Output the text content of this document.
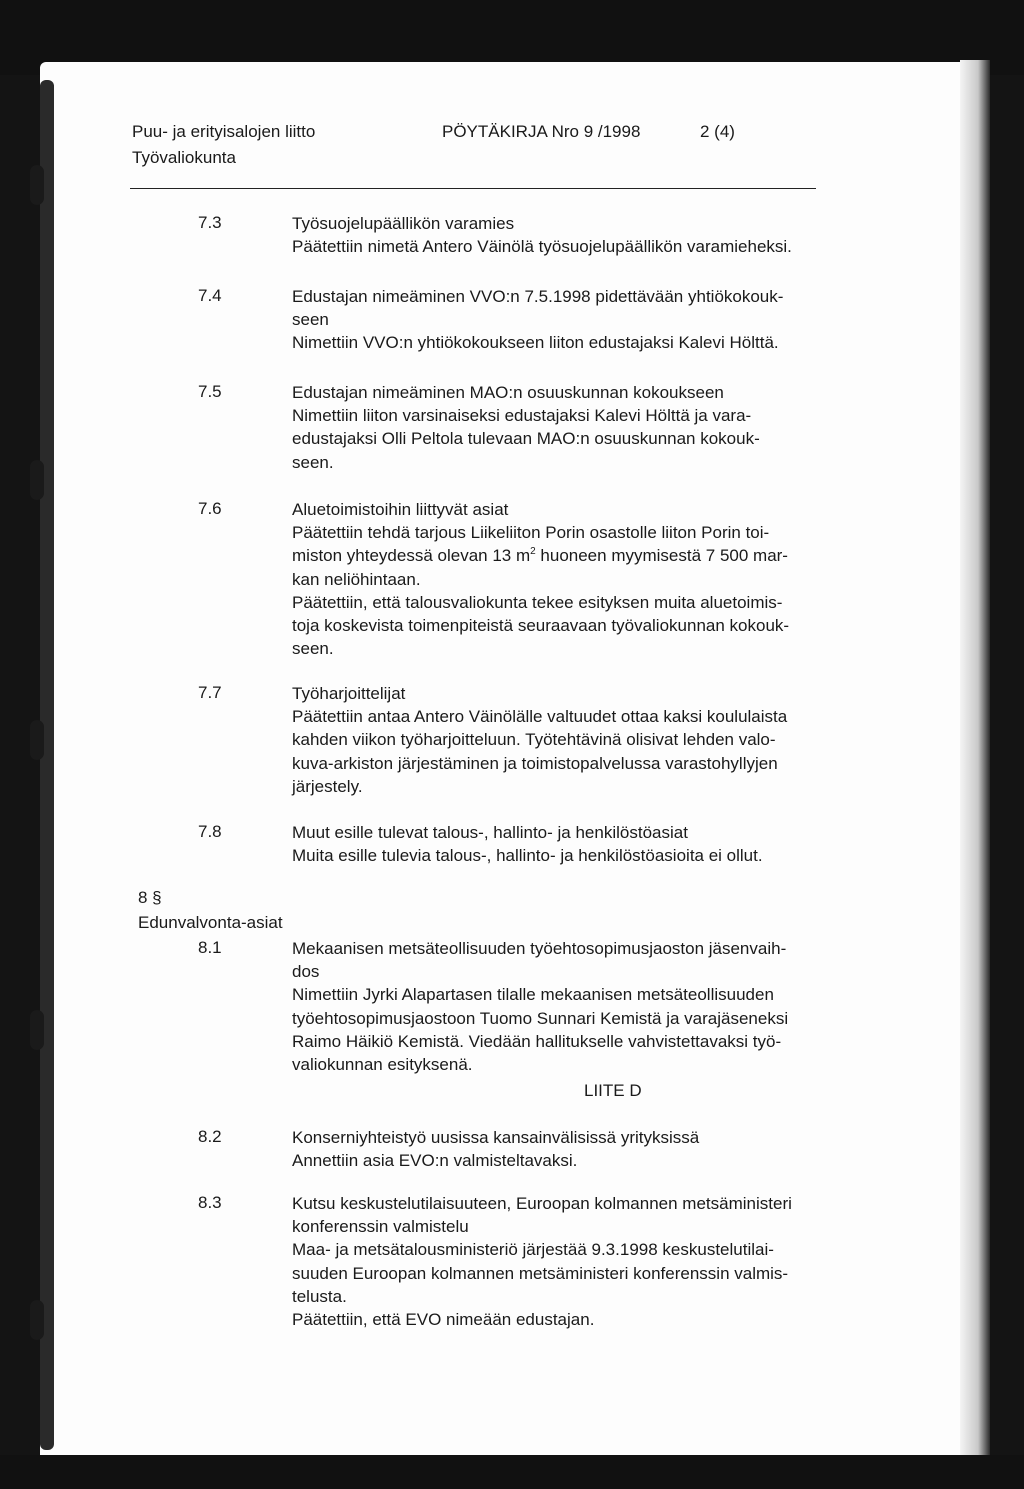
Puu- ja erityisalojen liitto
Työvaliokunta
PÖYTÄKIRJA Nro 9 /1998	2 (4)
7.3	Työsuojelupäällikön varamies
Päätettiin nimetä Antero Väinölä työsuojelupäällikön varamieheksi.
7.4	Edustajan nimeäminen VVO:n 7.5.1998 pidettävään yhtiökokouk-
seen
Nimettiin VVO:n yhtiökokoukseen liiton edustajaksi Kalevi Hölttä.
7.5	Edustajan nimeäminen MAO:n osuuskunnan kokoukseen
Nimettiin liiton varsinaiseksi edustajaksi Kalevi Hölttä ja vara-
edustajaksi Olli Peltola tulevaan MAO:n osuuskunnan kokouk-
seen.
7.6	Aluetoimistoihin liittyvät asiat
Päätettiin tehdä tarjous Liikeliiton Porin osastolle liiton Porin toi-
miston yhteydessä olevan 13 $m^2$ huoneen myymisestä 7 500 mar-
kan neliöhintaan.
Päätettiin, että talousvaliokunta tekee esityksen muita aluetoimis-
toja koskevista toimenpiteistä seuraavaan työvaliokunnan kokouk-
seen.
7.7	Työharjoittelijat
Päätettiin antaa Antero Väinölälle valtuudet ottaa kaksi koululaista
kahden viikon työharjoitteluun. Työtehtävinä olisivat lehden valo-
kuva-arkiston järjestäminen ja toimistopalvelussa varastohyllyjen
järjestely.
7.8	Muut esille tulevat talous-, hallinto- ja henkilöstöasiat
Muita esille tulevia talous-, hallinto- ja henkilöstöasioita ei ollut.
8 §
Edunvalvonta-asiat
8.1	Mekaanisen metsäteollisuuden työehtosopimusjaoston jäsenvaih-
dos
Nimettiin Jyrki Alapartasen tilalle mekaanisen metsäteollisuuden
työehtosopimusjaostoon Tuomo Sunnari Kemistä ja varajäseneksi
Raimo Häikiö Kemistä. Viedään hallitukselle vahvistettavaksi työ-
valiokunnan esityksenä.
LIITE D
8.2	Konserniyhteistyö uusissa kansainvälisissä yrityksissä
Annettiin asia EVO:n valmisteltavaksi.
8.3	Kutsu keskustelutilaisuuteen, Euroopan kolmannen metsäministeri
konferenssin valmistelu
Maa- ja metsätalousministeriö järjestää 9.3.1998 keskustelutilai-
suuden Euroopan kolmannen metsäministeri konferenssin valmis-
telusta.
Päätettiin, että EVO nimeään edustajan.
